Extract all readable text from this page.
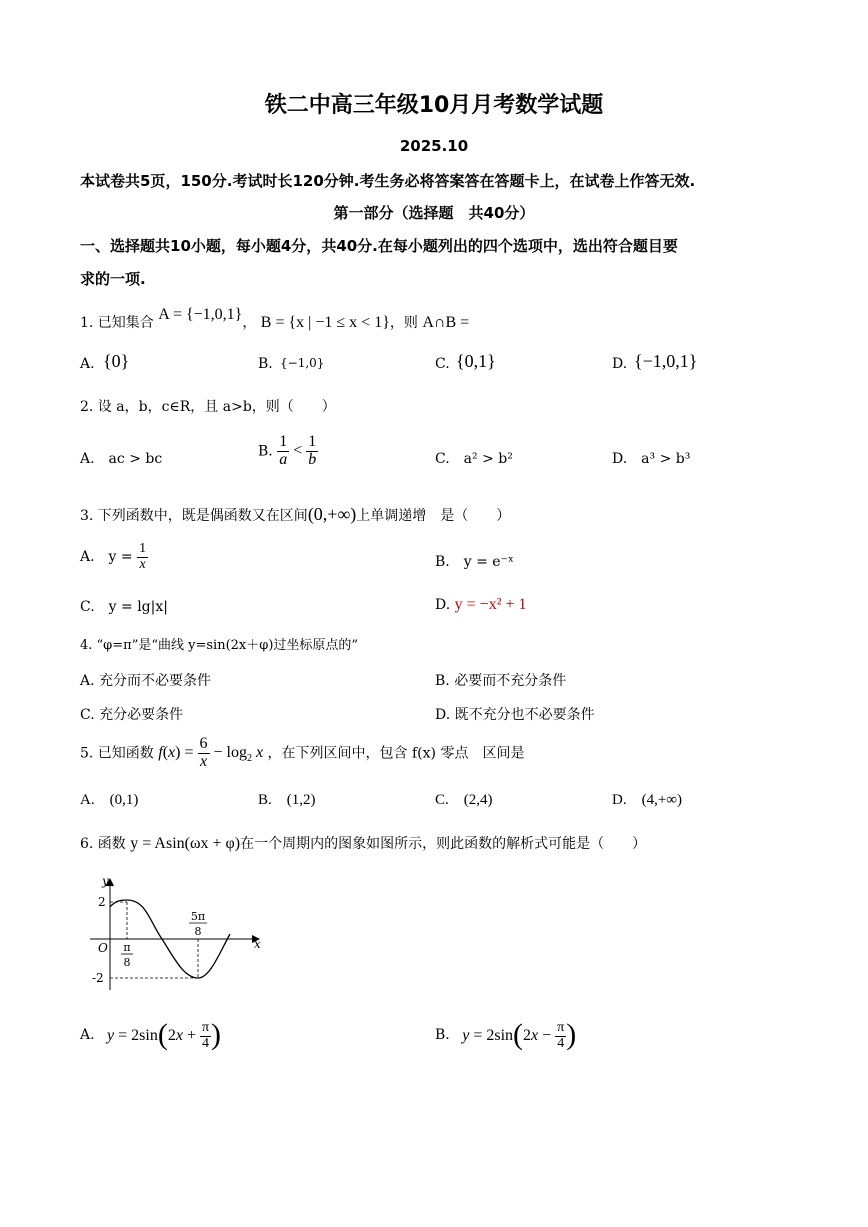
铁二中高三年级10月月考数学试题
2025.10
本试卷共5页，150分.考试时长120分钟.考生务必将答案答在答题卡上，在试卷上作答无效.
第一部分（选择题　共40分）
一、选择题共10小题，每小题4分，共40分.在每小题列出的四个选项中，选出符合题目要
求的一项.
1. 已知集合 A = {−1,0,1}， B = {x | −1 ≤ x < 1}，则 A∩B =
A. {0}	B. {−1,0}	C. {0,1}	D. {−1,0,1}
2. 设 a，b，c∈R，且 a>b，则（　　）
A.　ac > bc	B. $\frac{1}{a} < \frac{1}{b}$	C.　a² > b²	D.　a³ > b³
3. 下列函数中，既是偶函数又在区间(0,+∞)上单调递增　是（　　）
A.　$y = \frac{1}{x}$	B.　y = e⁻ˣ
C.　y = lg|x|	D. y = −x² + 1
4. “φ=π”是“曲线 y=sin(2x＋φ)过坐标原点的”
A. 充分而不必要条件	B. 必要而不充分条件
C. 充分必要条件	D. 既不充分也不必要条件
5. 已知函数 $f(x) = \frac{6}{x} - \log_2 x$ ，在下列区间中，包含 f(x) 零点　区间是
A.　(0,1)	B.　(1,2)	C.　(2,4)	D.　(4,+∞)
6. 函数 y = Asin(ωx + φ)在一个周期内的图象如图所示，则此函数的解析式可能是（　　）
y
2
-2
O	x
π
8
5π
8
A. $y = 2\sin(2x + \frac{\pi}{4}$ )	B. $y = 2\sin(2x - \frac{\pi}{4}$ )
